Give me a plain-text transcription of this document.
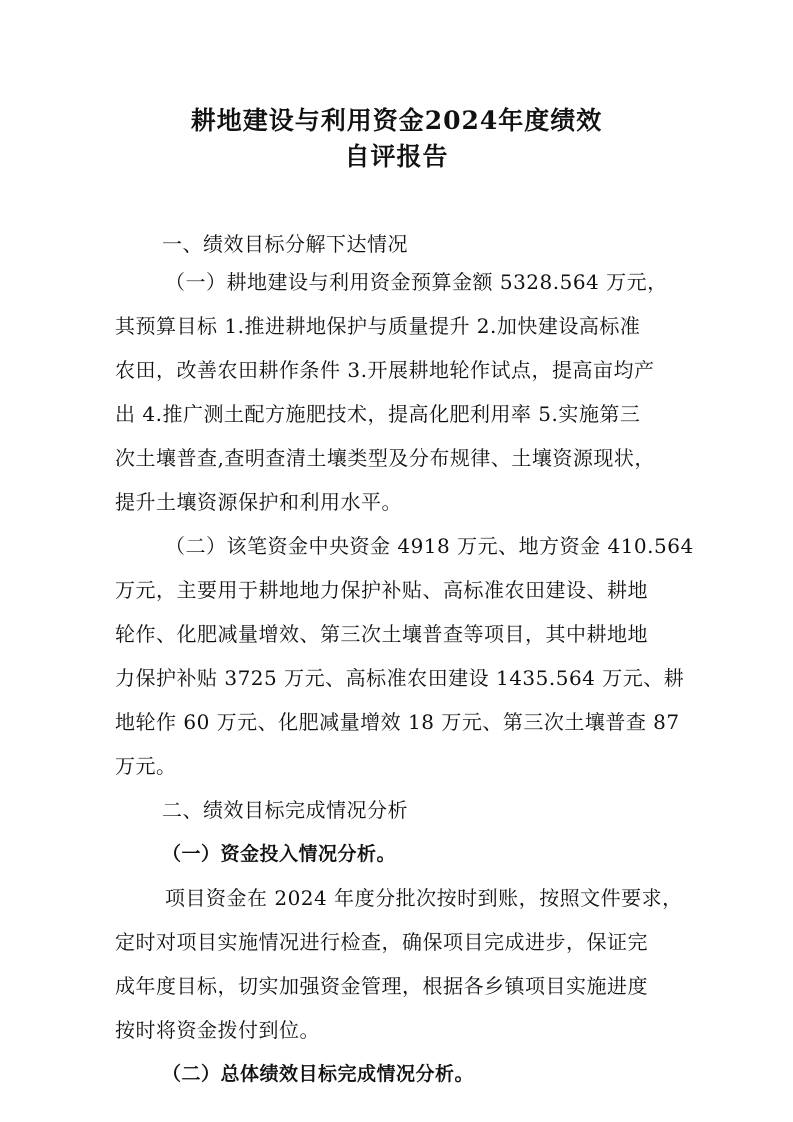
耕地建设与利用资金2024年度绩效
自评报告
一、绩效目标分解下达情况
（一）耕地建设与利用资金预算金额 5328.564 万元，
其预算目标 1.推进耕地保护与质量提升 2.加快建设高标准
农田，改善农田耕作条件 3.开展耕地轮作试点，提高亩均产
出 4.推广测土配方施肥技术，提高化肥利用率 5.实施第三
次土壤普查,查明查清土壤类型及分布规律、土壤资源现状，
提升土壤资源保护和利用水平。
（二）该笔资金中央资金 4918 万元、地方资金 410.564
万元，主要用于耕地地力保护补贴、高标准农田建设、耕地
轮作、化肥减量增效、第三次土壤普查等项目，其中耕地地
力保护补贴 3725 万元、高标准农田建设 1435.564 万元、耕
地轮作 60 万元、化肥减量增效 18 万元、第三次土壤普查 87
万元。
二、绩效目标完成情况分析
（一）资金投入情况分析。
项目资金在 2024 年度分批次按时到账，按照文件要求，
定时对项目实施情况进行检查，确保项目完成进步，保证完
成年度目标，切实加强资金管理，根据各乡镇项目实施进度
按时将资金拨付到位。
（二）总体绩效目标完成情况分析。
